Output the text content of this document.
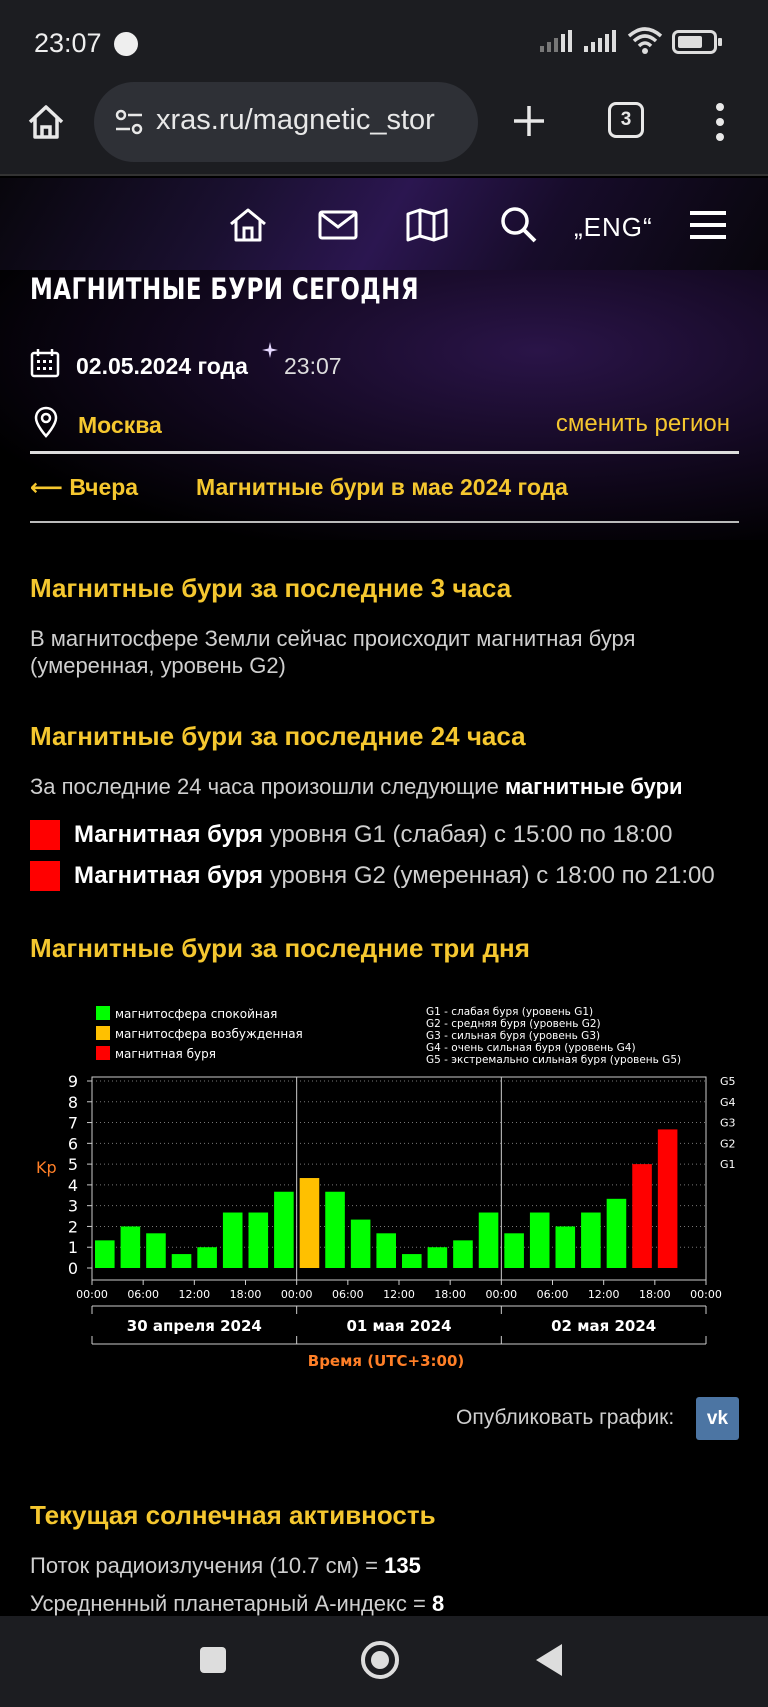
23:07
xras.ru/magnetic_stor	3
„ENG“
МАГНИТНЫЕ БУРИ СЕГОДНЯ
02.05.2024 года 23:07
Москва	сменить регион
⟵ Вчера	Магнитные бури в мае 2024 года
Магнитные бури за последние 3 часа
В магнитосфере Земли сейчас происходит магнитная буря (умеренная, уровень G2)
Магнитные бури за последние 24 часа
За последние 24 часа произошли следующие магнитные бури
Магнитная буря уровня G1 (слабая) с 15:00 по 18:00
Магнитная буря уровня G2 (умеренная) с 18:00 по 21:00
Магнитные бури за последние три дня
магнитосфера спокойная
магнитосфера возбужденная
магнитная буря
G1 - слабая буря (уровень G1)
G2 - средняя буря (уровень G2)
G3 - сильная буря (уровень G3)
G4 - очень сильная буря (уровень G4)
G5 - экстремально сильная буря (уровень G5)
0
1
2
3
4
5
6
7
8
9
G1
G2
G3
G4
G5
00:00 06:00 12:00 18:00 00:00 06:00 12:00 18:00 00:00 06:00 12:00 18:00 00:00
30 апреля 2024	01 мая 2024	02 мая 2024
Kp
Время (UTC+3:00)
Опубликовать график:	vk
Текущая солнечная активность
Поток радиоизлучения (10.7 см) = 135
Усредненный планетарный A-индекс = 8
